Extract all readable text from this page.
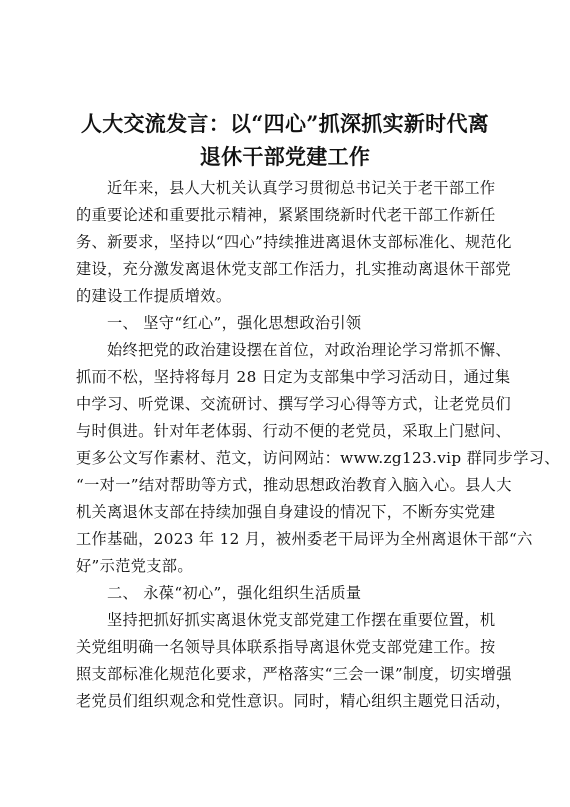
人大交流发言：以“四心”抓深抓实新时代离
退休干部党建工作
近年来，县人大机关认真学习贯彻总书记关于老干部工作
的重要论述和重要批示精神，紧紧围绕新时代老干部工作新任
务、新要求，坚持以“四心”持续推进离退休支部标准化、规范化
建设，充分激发离退休党支部工作活力，扎实推动离退休干部党
的建设工作提质增效。
一、 坚守“红心”，强化思想政治引领
始终把党的政治建设摆在首位，对政治理论学习常抓不懈、
抓而不松，坚持将每月 28 日定为支部集中学习活动日，通过集
中学习、听党课、交流研讨、撰写学习心得等方式，让老党员们
与时俱进。针对年老体弱、行动不便的老党员，采取上门慰问、
更多公文写作素材、范文，访问网站：www.zg123.vip 群同步学习、
“一对一”结对帮助等方式，推动思想政治教育入脑入心。县人大
机关离退休支部在持续加强自身建设的情况下，不断夯实党建
工作基础，2023 年 12 月，被州委老干局评为全州离退休干部“六
好”示范党支部。
二、 永葆“初心”，强化组织生活质量
坚持把抓好抓实离退休党支部党建工作摆在重要位置，机
关党组明确一名领导具体联系指导离退休党支部党建工作。按
照支部标准化规范化要求，严格落实“三会一课”制度，切实增强
老党员们组织观念和党性意识。同时，精心组织主题党日活动，
